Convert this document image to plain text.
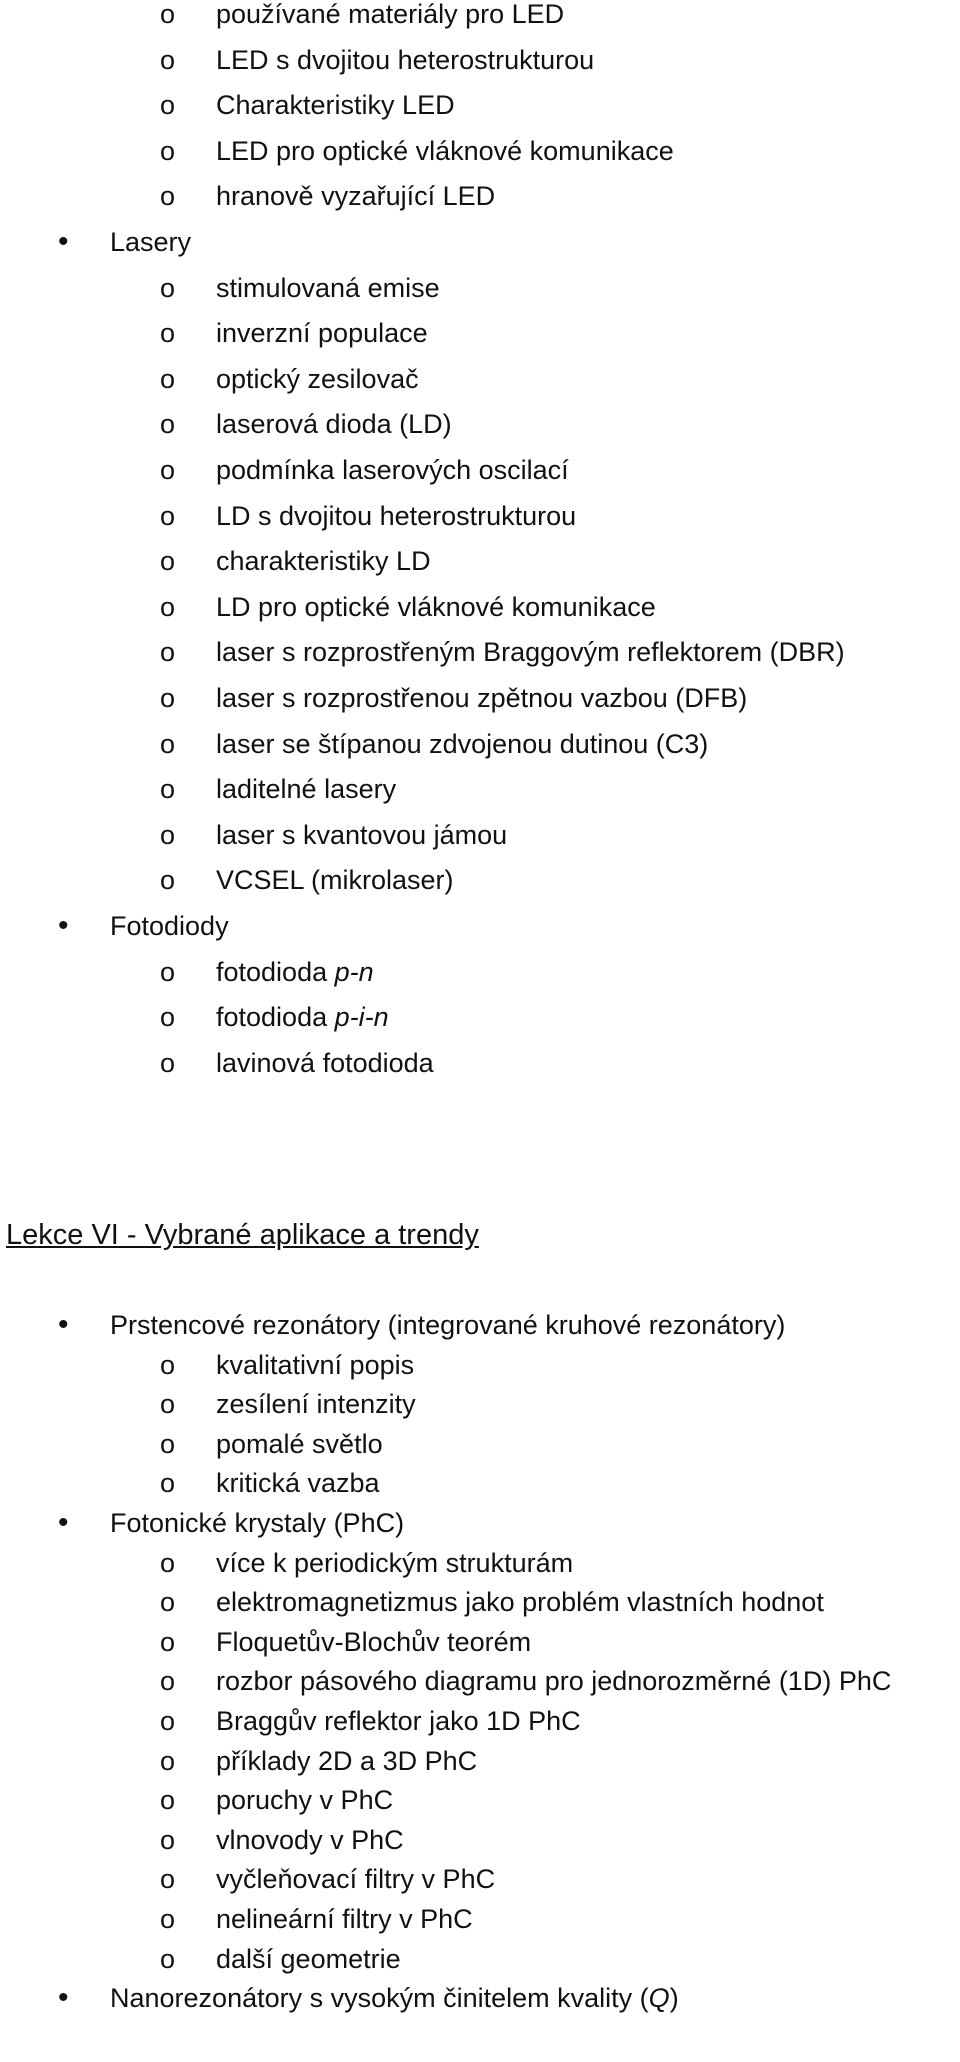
o používané materiály pro LED
o LED s dvojitou heterostrukturou
o Charakteristiky LED
o LED pro optické vláknové komunikace
o hranově vyzařující LED
• Lasery
o stimulovaná emise
o inverzní populace
o optický zesilovač
o laserová dioda (LD)
o podmínka laserových oscilací
o LD s dvojitou heterostrukturou
o charakteristiky LD
o LD pro optické vláknové komunikace
o laser s rozprostřeným Braggovým reflektorem (DBR)
o laser s rozprostřenou zpětnou vazbou (DFB)
o laser se štípanou zdvojenou dutinou (C3)
o laditelné lasery
o laser s kvantovou jámou
o VCSEL (mikrolaser)
• Fotodiody
o fotodioda p-n
o fotodioda p-i-n
o lavinová fotodioda
• Prstencové rezonátory (integrované kruhové rezonátory)
o kvalitativní popis
o zesílení intenzity
o pomalé světlo
o kritická vazba
• Fotonické krystaly (PhC)
o více k periodickým strukturám
o elektromagnetizmus jako problém vlastních hodnot
o Floquetův-Blochův teorém
o rozbor pásového diagramu pro jednorozměrné (1D) PhC
o Braggův reflektor jako 1D PhC
o příklady 2D a 3D PhC
o poruchy v PhC
o vlnovody v PhC
o vyčleňovací filtry v PhC
o nelineární filtry v PhC
o další geometrie
• Nanorezonátory s vysokým činitelem kvality (Q)
Lekce VI - Vybrané aplikace a trendy
